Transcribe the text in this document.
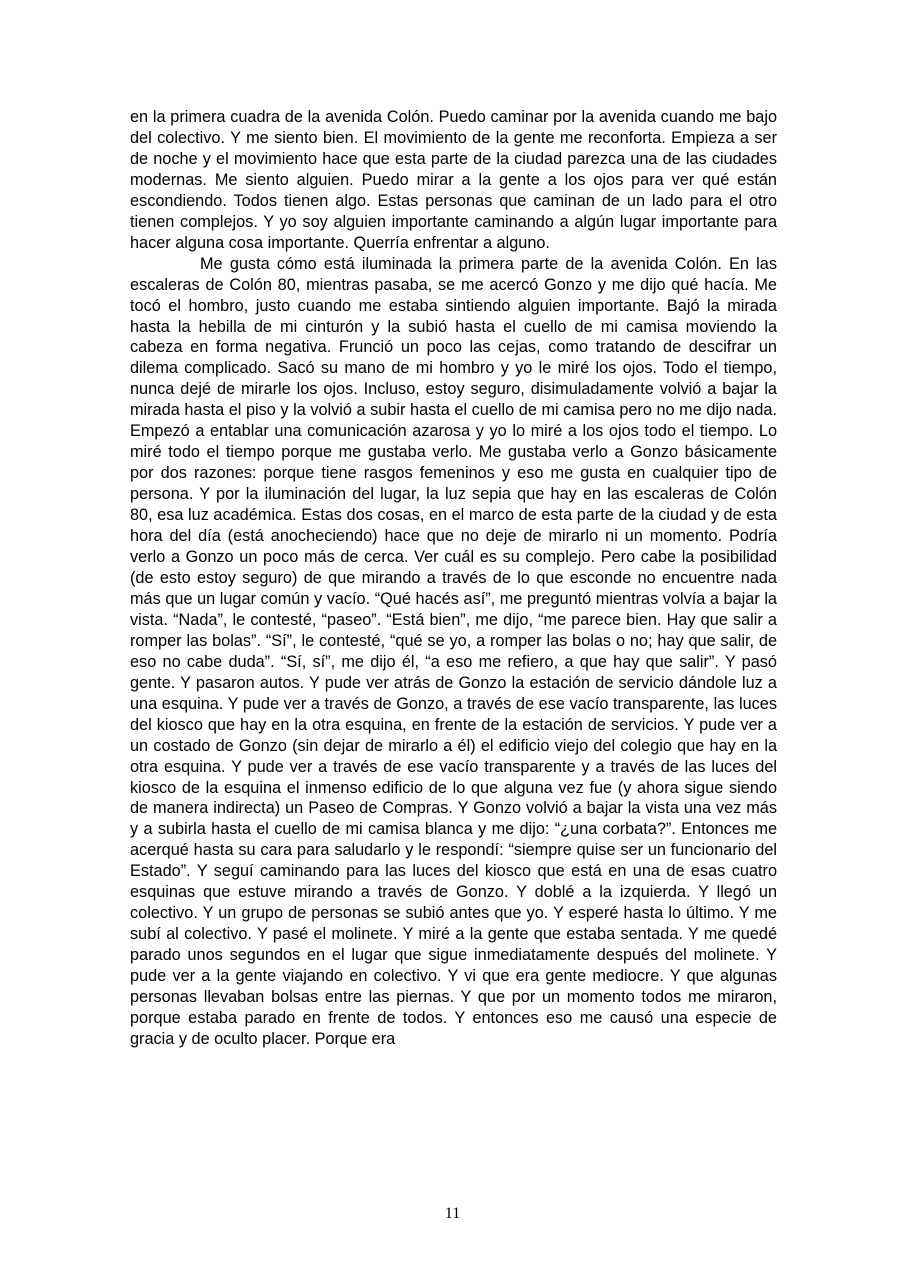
en la primera cuadra de la avenida Colón. Puedo caminar por la avenida cuando me bajo del colectivo. Y me siento bien. El movimiento de la gente me reconforta. Empieza a ser de noche y el movimiento hace que esta parte de la ciudad parezca una de las ciudades modernas. Me siento alguien. Puedo mirar a la gente a los ojos para ver qué están escondiendo. Todos tienen algo. Estas personas que caminan de un lado para el otro tienen complejos. Y yo soy alguien importante caminando a algún lugar importante para hacer alguna cosa importante. Querría enfrentar a alguno.

Me gusta cómo está iluminada la primera parte de la avenida Colón. En las escaleras de Colón 80, mientras pasaba, se me acercó Gonzo y me dijo qué hacía. Me tocó el hombro, justo cuando me estaba sintiendo alguien importante. Bajó la mirada hasta la hebilla de mi cinturón y la subió hasta el cuello de mi camisa moviendo la cabeza en forma negativa. Frunció un poco las cejas, como tratando de descifrar un dilema complicado. Sacó su mano de mi hombro y yo le miré los ojos. Todo el tiempo, nunca dejé de mirarle los ojos. Incluso, estoy seguro, disimuladamente volvió a bajar la mirada hasta el piso y la volvió a subir hasta el cuello de mi camisa pero no me dijo nada. Empezó a entablar una comunicación azarosa y yo lo miré a los ojos todo el tiempo. Lo miré todo el tiempo porque me gustaba verlo. Me gustaba verlo a Gonzo básicamente por dos razones: porque tiene rasgos femeninos y eso me gusta en cualquier tipo de persona. Y por la iluminación del lugar, la luz sepia que hay en las escaleras de Colón 80, esa luz académica. Estas dos cosas, en el marco de esta parte de la ciudad y de esta hora del día (está anocheciendo) hace que no deje de mirarlo ni un momento. Podría verlo a Gonzo un poco más de cerca. Ver cuál es su complejo. Pero cabe la posibilidad (de esto estoy seguro) de que mirando a través de lo que esconde no encuentre nada más que un lugar común y vacío. “Qué hacés así”, me preguntó mientras volvía a bajar la vista. “Nada”, le contesté, “paseo”. “Está bien”, me dijo, “me parece bien. Hay que salir a romper las bolas”. “Sí”, le contesté, “qué se yo, a romper las bolas o no; hay que salir, de eso no cabe duda”. “Sí, sí”, me dijo él, “a eso me refiero, a que hay que salir”. Y pasó gente. Y pasaron autos. Y pude ver atrás de Gonzo la estación de servicio dándole luz a una esquina. Y pude ver a través de Gonzo, a través de ese vacío transparente, las luces del kiosco que hay en la otra esquina, en frente de la estación de servicios. Y pude ver a un costado de Gonzo (sin dejar de mirarlo a él) el edificio viejo del colegio que hay en la otra esquina. Y pude ver a través de ese vacío transparente y a través de las luces del kiosco de la esquina el inmenso edificio de lo que alguna vez fue (y ahora sigue siendo de manera indirecta) un Paseo de Compras. Y Gonzo volvió a bajar la vista una vez más y a subirla hasta el cuello de mi camisa blanca y me dijo: “¿una corbata?”. Entonces me acerqué hasta su cara para saludarlo y le respondí: “siempre quise ser un funcionario del Estado”. Y seguí caminando para las luces del kiosco que está en una de esas cuatro esquinas que estuve mirando a través de Gonzo. Y doblé a la izquierda. Y llegó un colectivo. Y un grupo de personas se subió antes que yo. Y esperé hasta lo último. Y me subí al colectivo. Y pasé el molinete. Y miré a la gente que estaba sentada. Y me quedé parado unos segundos en el lugar que sigue inmediatamente después del molinete. Y pude ver a la gente viajando en colectivo. Y vi que era gente mediocre. Y que algunas personas llevaban bolsas entre las piernas. Y que por un momento todos me miraron, porque estaba parado en frente de todos. Y entonces eso me causó una especie de gracia y de oculto placer. Porque era

11
